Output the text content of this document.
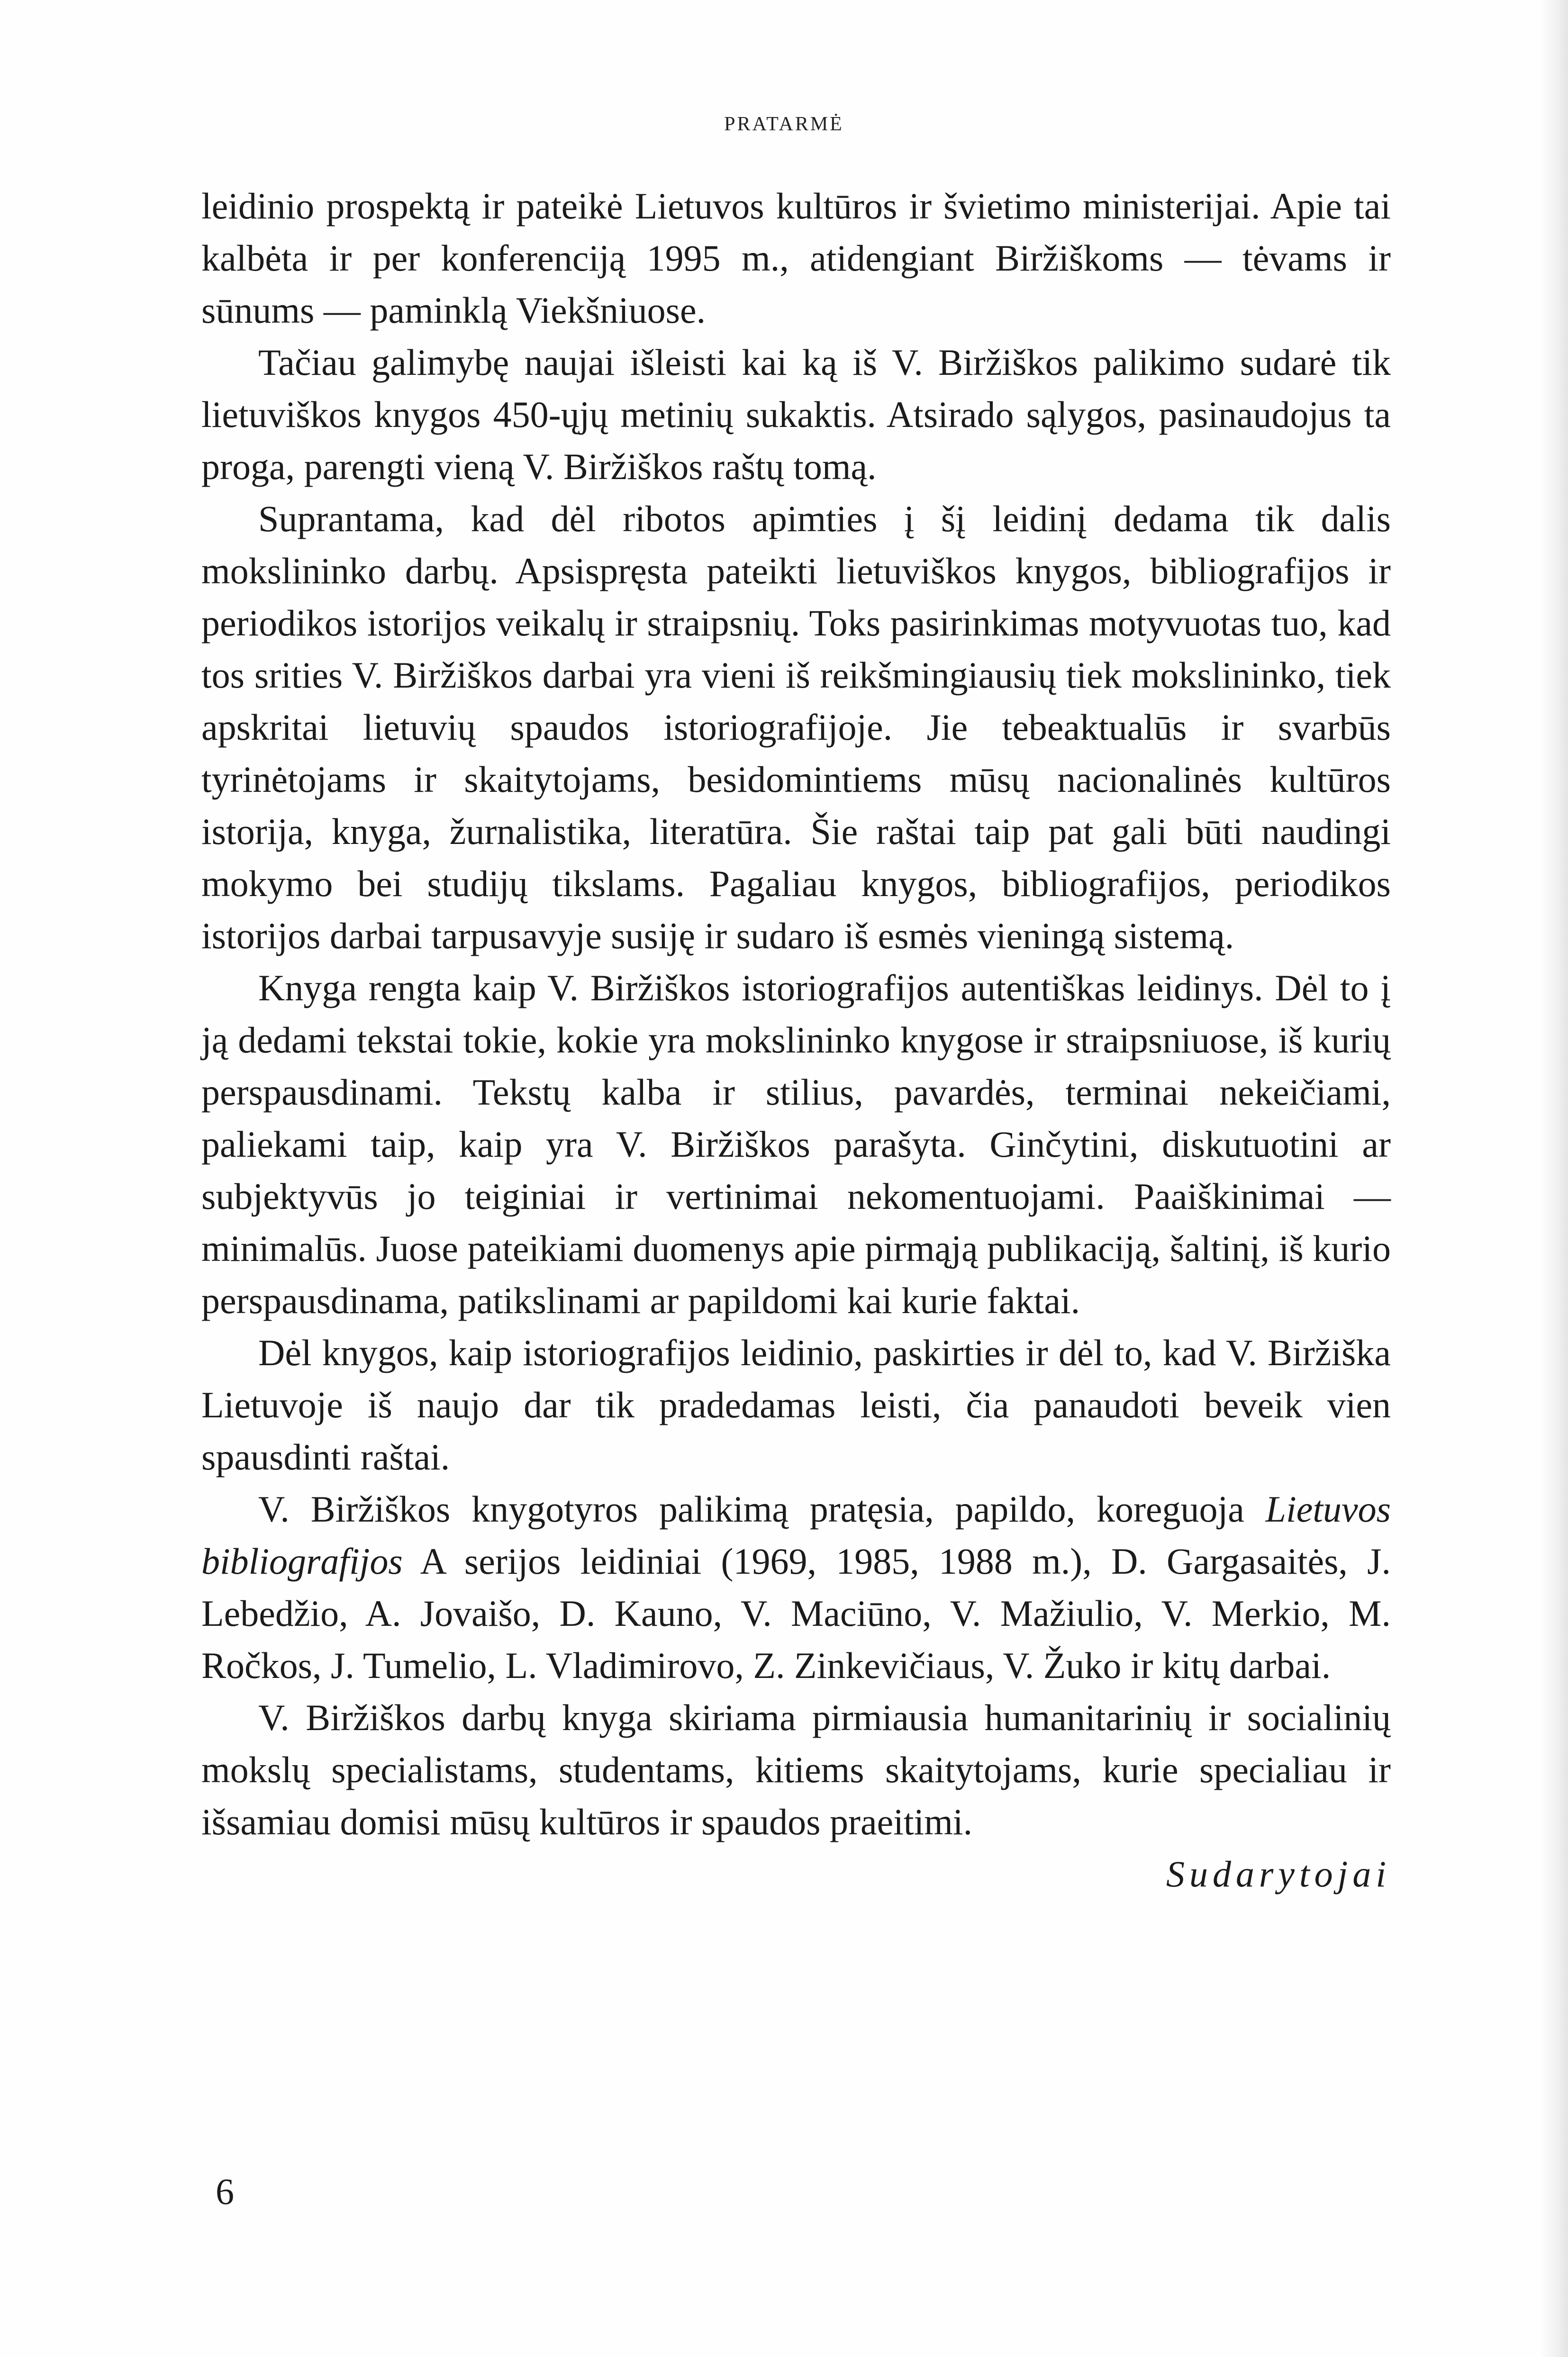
PRATARMĖ

leidinio prospektą ir pateikė Lietuvos kultūros ir švietimo ministerijai. Apie tai kalbėta ir per konferenciją 1995 m., atidengiant Biržiškoms — tėvams ir sūnums — paminklą Viekšniuose.

Tačiau galimybę naujai išleisti kai ką iš V. Biržiškos palikimo sudarė tik lietuviškos knygos 450-ųjų metinių sukaktis. Atsirado sąlygos, pasinaudojus ta proga, parengti vieną V. Biržiškos raštų tomą.

Suprantama, kad dėl ribotos apimties į šį leidinį dedama tik dalis mokslininko darbų. Apsispręsta pateikti lietuviškos knygos, bibliografijos ir periodikos istorijos veikalų ir straipsnių. Toks pasirinkimas motyvuotas tuo, kad tos srities V. Biržiškos darbai yra vieni iš reikšmingiausių tiek mokslininko, tiek apskritai lietuvių spaudos istoriografijoje. Jie tebeaktualūs ir svarbūs tyrinėtojams ir skaitytojams, besidomintiems mūsų nacionalinės kultūros istorija, knyga, žurnalistika, literatūra. Šie raštai taip pat gali būti naudingi mokymo bei studijų tikslams. Pagaliau knygos, bibliografijos, periodikos istorijos darbai tarpusavyje susiję ir sudaro iš esmės vieningą sistemą.

Knyga rengta kaip V. Biržiškos istoriografijos autentiškas leidinys. Dėl to į ją dedami tekstai tokie, kokie yra mokslininko knygose ir straipsniuose, iš kurių perspausdinami. Tekstų kalba ir stilius, pavardės, terminai nekeičiami, paliekami taip, kaip yra V. Biržiškos parašyta. Ginčytini, diskutuotini ar subjektyvūs jo teiginiai ir vertinimai nekomentuojami. Paaiškinimai — minimalūs. Juose pateikiami duomenys apie pirmąją publikaciją, šaltinį, iš kurio perspausdinama, patikslinami ar papildomi kai kurie faktai.

Dėl knygos, kaip istoriografijos leidinio, paskirties ir dėl to, kad V. Biržiška Lietuvoje iš naujo dar tik pradedamas leisti, čia panaudoti beveik vien spausdinti raštai.

V. Biržiškos knygotyros palikimą pratęsia, papildo, koreguoja Lietuvos bibliografijos A serijos leidiniai (1969, 1985, 1988 m.), D. Gargasaitės, J. Lebedžio, A. Jovaišo, D. Kauno, V. Maciūno, V. Mažiulio, V. Merkio, M. Ročkos, J. Tumelio, L. Vladimirovo, Z. Zinkevičiaus, V. Žuko ir kitų darbai.

V. Biržiškos darbų knyga skiriama pirmiausia humanitarinių ir socialinių mokslų specialistams, studentams, kitiems skaitytojams, kurie specialiau ir išsamiau domisi mūsų kultūros ir spaudos praeitimi.

Sudarytojai

6
